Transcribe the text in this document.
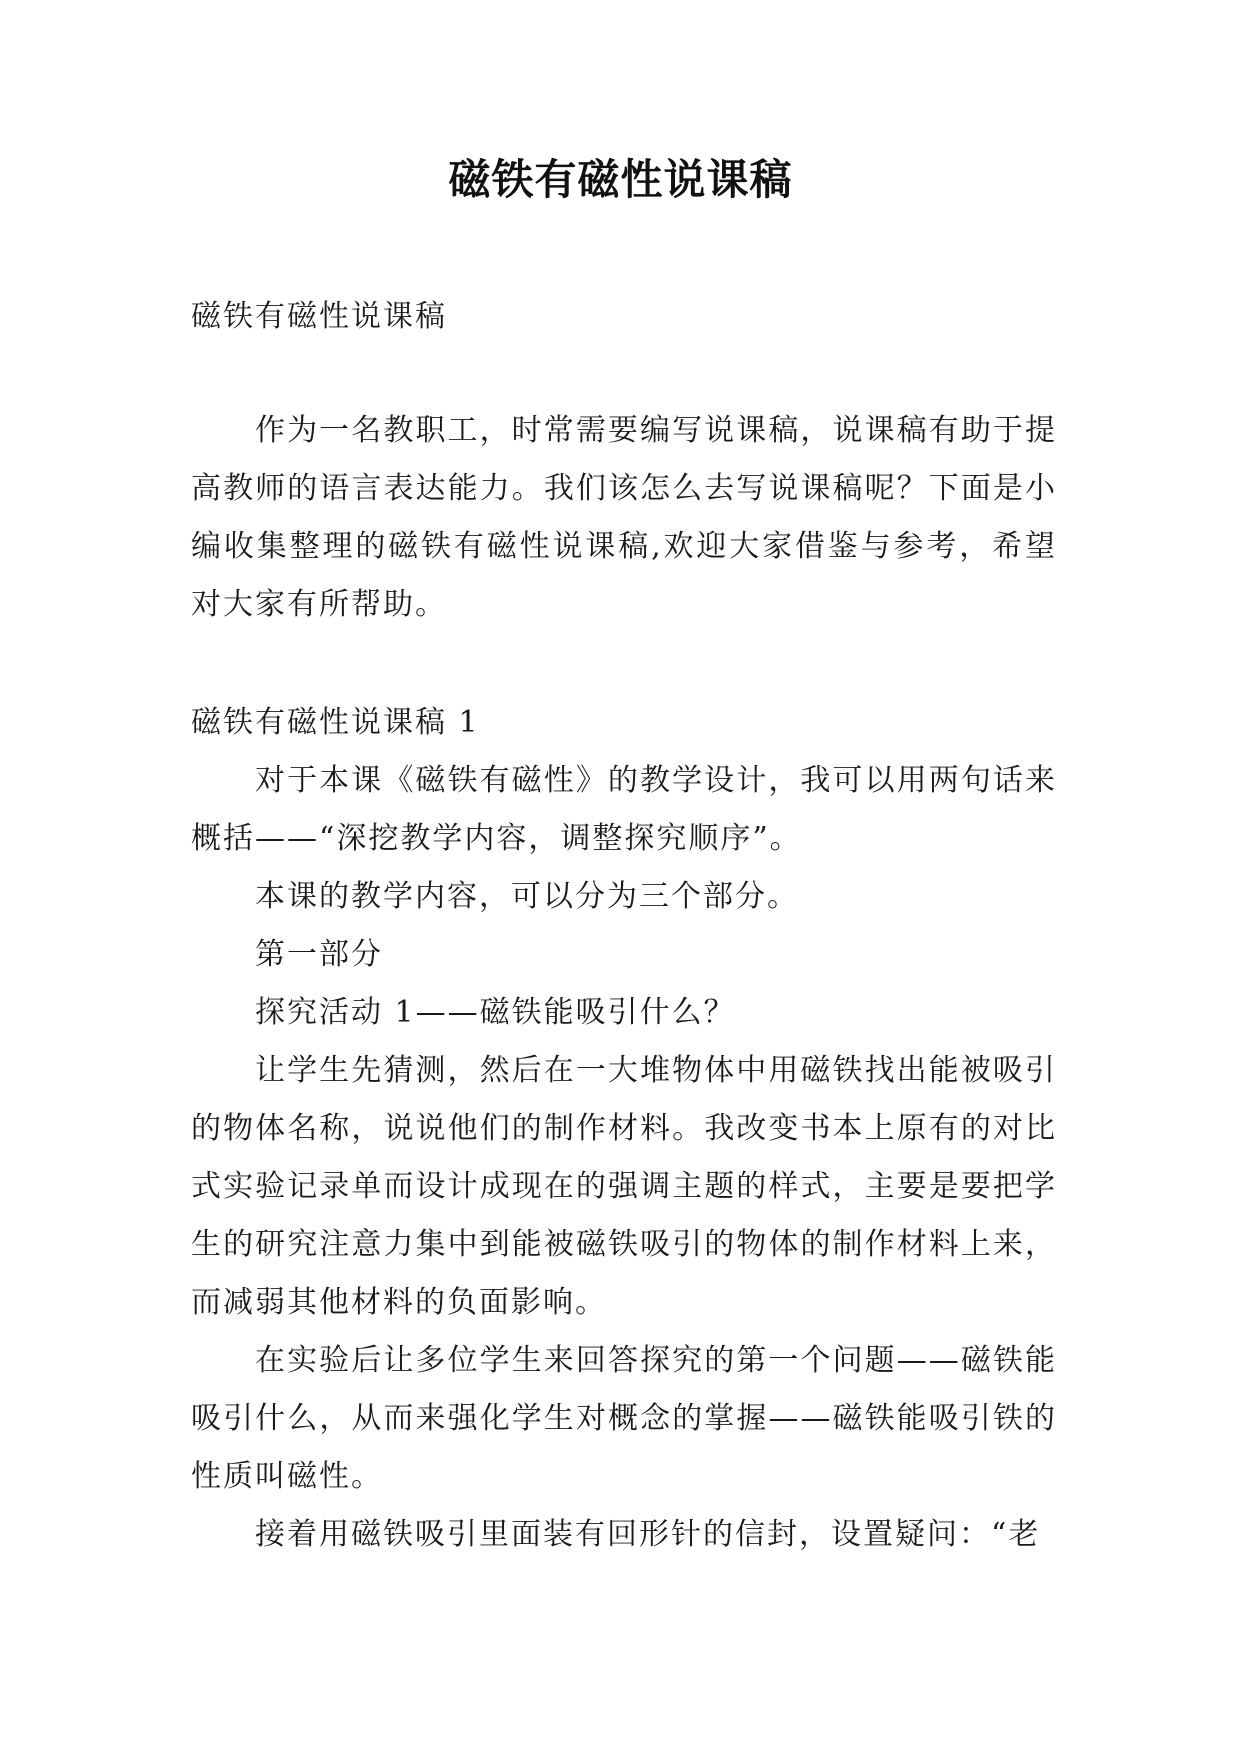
磁铁有磁性说课稿

磁铁有磁性说课稿

作为一名教职工，时常需要编写说课稿，说课稿有助于提高教师的语言表达能力。我们该怎么去写说课稿呢？下面是小编收集整理的磁铁有磁性说课稿,欢迎大家借鉴与参考，希望对大家有所帮助。

磁铁有磁性说课稿 1

对于本课《磁铁有磁性》的教学设计，我可以用两句话来概括——“深挖教学内容，调整探究顺序”。

本课的教学内容，可以分为三个部分。

第一部分

探究活动 1——磁铁能吸引什么？

让学生先猜测，然后在一大堆物体中用磁铁找出能被吸引的物体名称，说说他们的制作材料。我改变书本上原有的对比式实验记录单而设计成现在的强调主题的样式，主要是要把学生的研究注意力集中到能被磁铁吸引的物体的制作材料上来，而减弱其他材料的负面影响。

在实验后让多位学生来回答探究的第一个问题——磁铁能吸引什么，从而来强化学生对概念的掌握——磁铁能吸引铁的性质叫磁性。

接着用磁铁吸引里面装有回形针的信封，设置疑问：“老
